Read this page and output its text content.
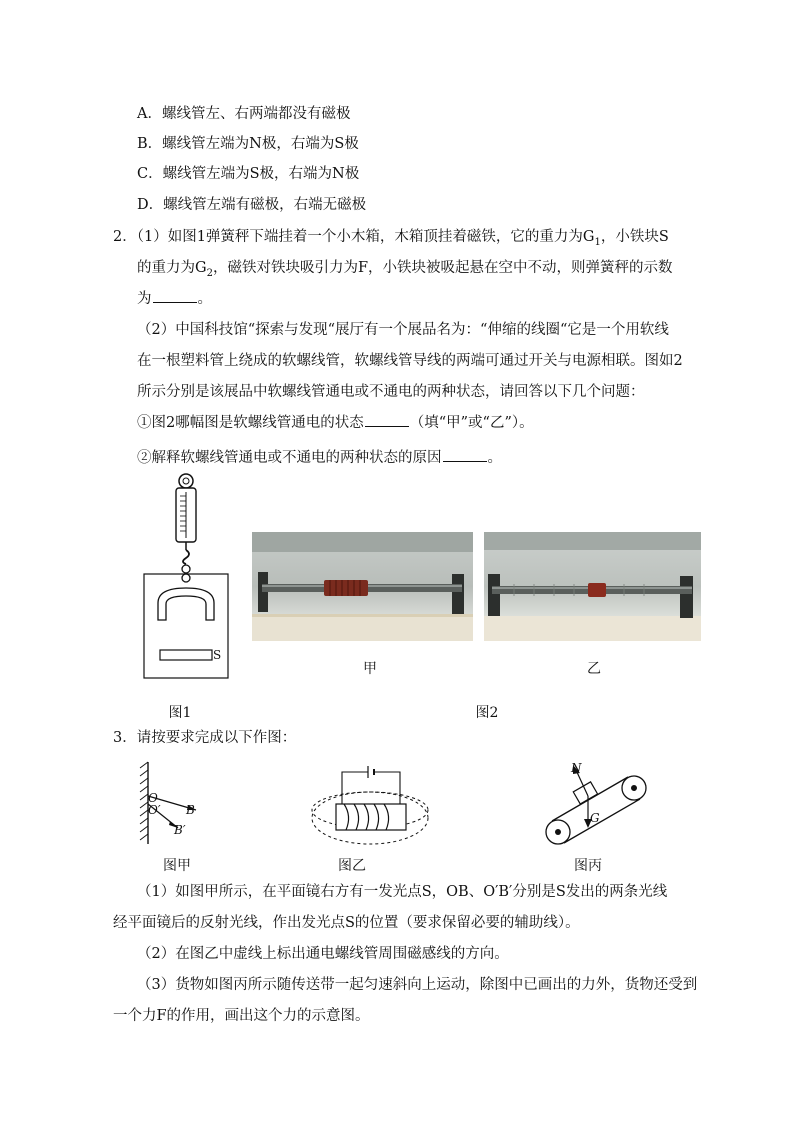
A．螺线管左、右两端都没有磁极
B．螺线管左端为N极，右端为S极
C．螺线管左端为S极，右端为N极
D．螺线管左端有磁极，右端无磁极
2．（1）如图1弹簧秤下端挂着一个小木箱，木箱顶挂着磁铁，它的重力为$G_1$，小铁块S
的重力为$G_2$，磁铁对铁块吸引力为F，小铁块被吸起悬在空中不动，则弹簧秤的示数
为	。
（2）中国科技馆“探索与发现“展厅有一个展品名为：“伸缩的线圈“它是一个用软线
在一根塑料管上绕成的软螺线管，软螺线管导线的两端可通过开关与电源相联。图如2
所示分别是该展品中软螺线管通电或不通电的两种状态，请回答以下几个问题：
①图2哪幅图是软螺线管通电的状态	（填“甲”或“乙”）。
②解释软螺线管通电或不通电的两种状态的原因	。
S
甲	乙
图1	图2
3．请按要求完成以下作图：
O
O′ B
B′
N
G
图甲	图乙	图丙
（1）如图甲所示，在平面镜右方有一发光点S，OB、O′B′分别是S发出的两条光线
经平面镜后的反射光线，作出发光点S的位置（要求保留必要的辅助线）。
（2）在图乙中虚线上标出通电螺线管周围磁感线的方向。
（3）货物如图丙所示随传送带一起匀速斜向上运动，除图中已画出的力外，货物还受到
一个力F的作用，画出这个力的示意图。
